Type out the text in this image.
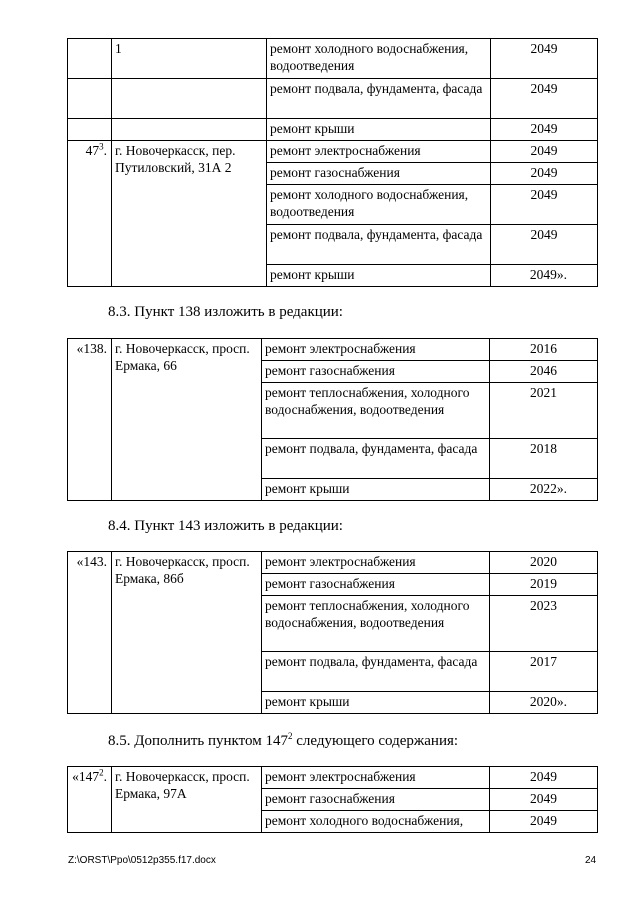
	1	ремонт холодного водоснабжения, водоотведения	2049
		ремонт подвала, фундамента, фасада	2049
		ремонт крыши	2049
$47^3$.	г. Новочеркасск, пер. Путиловский, 31А 2	ремонт электроснабжения	2049
		ремонт газоснабжения	2049
		ремонт холодного водоснабжения, водоотведения	2049
		ремонт подвала, фундамента, фасада	2049
		ремонт крыши	2049».
8.3. Пункт 138 изложить в редакции:
«138.	г. Новочеркасск, просп. Ермака, 66	ремонт электроснабжения	2016
		ремонт газоснабжения	2046
		ремонт теплоснабжения, холодного водоснабжения, водоотведения	2021
		ремонт подвала, фундамента, фасада	2018
		ремонт крыши	2022».
8.4. Пункт 143 изложить в редакции:
«143.	г. Новочеркасск, просп. Ермака, 86б	ремонт электроснабжения	2020
		ремонт газоснабжения	2019
		ремонт теплоснабжения, холодного водоснабжения, водоотведения	2023
		ремонт подвала, фундамента, фасада	2017
		ремонт крыши	2020».
8.5. Дополнить пунктом $147^2$ следующего содержания:
«$147^2$.	г. Новочеркасск, просп. Ермака, 97А	ремонт электроснабжения	2049
		ремонт газоснабжения	2049
		ремонт холодного водоснабжения,	2049
Z:\ORST\Ppo\0512p355.f17.docx	24
